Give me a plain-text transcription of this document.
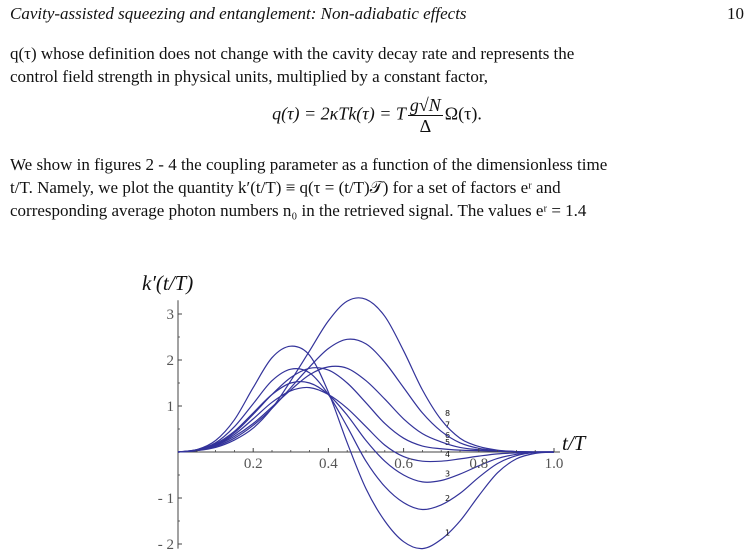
Cavity-assisted squeezing and entanglement: Non-adiabatic effects	10
q(τ) whose definition does not change with the cavity decay rate and represents the
control field strength in physical units, multiplied by a constant factor,
q(τ) = 2κTk(τ) = T $\frac{g√N}{\Delta} \Omega(\tau)$.
We show in figures 2 - 4 the coupling parameter as a function of the dimensionless time
t/T. Namely, we plot the quantity k′(t/T) ≡ q(τ = (t/T)𝒯) for a set of factors eʳ and
corresponding average photon numbers n₀ in the retrieved signal. The values eʳ = 1.4
1
2
3
4
5
6
7
8
0.2	0.4	0.6	0.8	1.0
3
2
1
- 1
- 2
k′(t/T)
t/T
